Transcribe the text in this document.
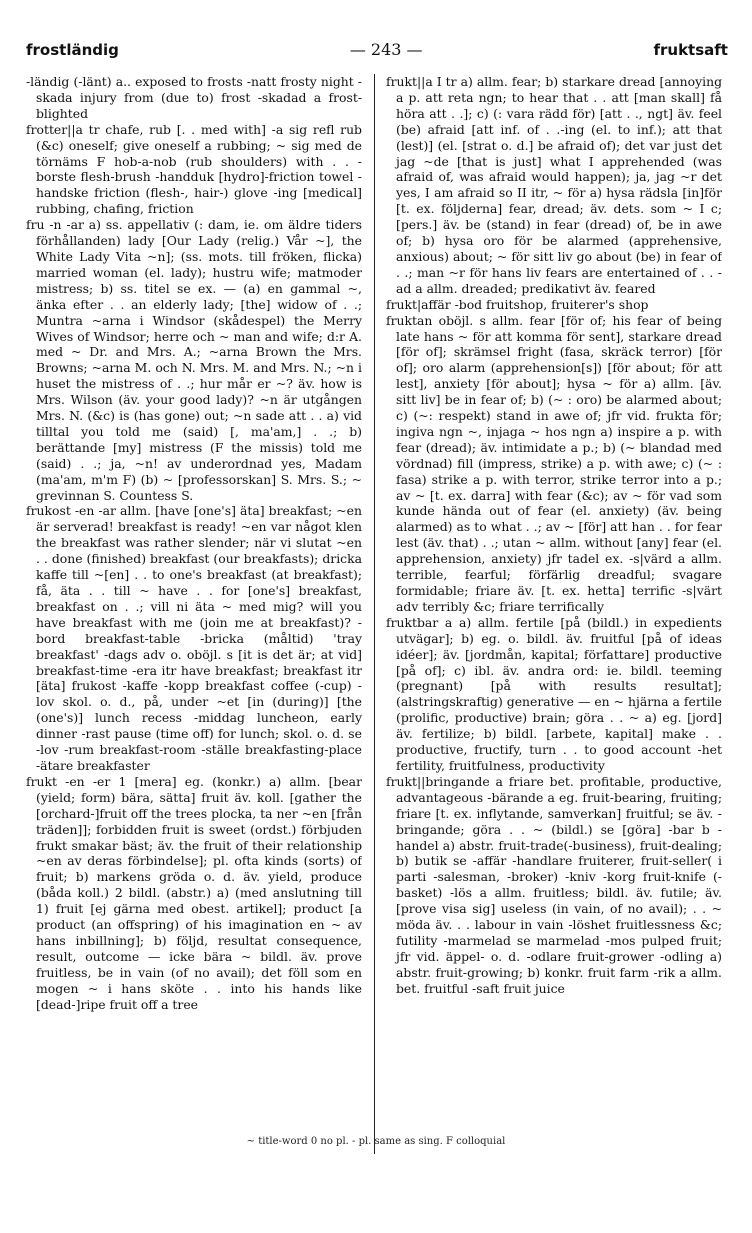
frostländig	— 243 —	fruktsaft

-ländig (-länt) a.. exposed to frosts -natt frosty night -skada injury from (due to) frost -skadad a frost-blighted

frotter||a tr chafe, rub [. . med with] -a sig refl rub (&c) oneself; give oneself a rubbing; ~ sig med de törnäms F hob-a-nob (rub shoulders) with . . -borste flesh-brush -handduk [hydro]-friction towel -handske friction (flesh-, hair-) glove -ing [medical] rubbing, chafing, friction

fru -n -ar a) ss. appellativ (: dam, ie. om äldre tiders förhållanden) lady [Our Lady (relig.) Vår ~], the White Lady Vita ~n]; (ss. mots. till fröken, flicka) married woman (el. lady); hustru wife; matmoder mistress; b) ss. titel se ex. — (a) en gammal ~, änka efter . . an elderly lady; [the] widow of . .; Muntra ~arna i Windsor (skådespel) the Merry Wives of Windsor; herre och ~ man and wife; d:r A. med ~ Dr. and Mrs. A.; ~arna Brown the Mrs. Browns; ~arna M. och N. Mrs. M. and Mrs. N.; ~n i huset the mistress of . .; hur mår er ~? äv. how is Mrs. Wilson (äv. your good lady)? ~n är utgången Mrs. N. (&c) is (has gone) out; ~n sade att . . a) vid tilltal you told me (said) [, ma'am,] . .; b) berättande [my] mistress (F the missis) told me (said) . .; ja, ~n! av underordnad yes, Madam (ma'am, m'm F) (b) ~ [professorskan] S. Mrs. S.; ~ grevinnan S. Countess S.

frukost -en -ar allm. [have [one's] äta] breakfast; ~en är serverad! breakfast is ready! ~en var något klen the breakfast was rather slender; när vi slutat ~en . . done (finished) breakfast (our breakfasts); dricka kaffe till ~[en] . . to one's breakfast (at breakfast); få, äta . . till ~ have . . for [one's] breakfast, breakfast on . .; vill ni äta ~ med mig? will you have breakfast with me (join me at breakfast)? -bord breakfast-table -bricka (måltid) 'tray breakfast' -dags adv o. oböjl. s [it is det är; at vid] breakfast-time -era itr have breakfast; breakfast itr [äta] frukost -kaffe -kopp breakfast coffee (-cup) -lov skol. o. d., på, under ~et [in (during)] [the (one's)] lunch recess -middag luncheon, early dinner -rast pause (time off) for lunch; skol. o. d. se -lov -rum breakfast-room -ställe breakfasting-place -ätare breakfaster

frukt -en -er 1 [mera] eg. (konkr.) a) allm. [bear (yield; form) bära, sätta] fruit äv. koll. [gather the [orchard-]fruit off the trees plocka, ta ner ~en [från träden]]; forbidden fruit is sweet (ordst.) förbjuden frukt smakar bäst; äv. the fruit of their relationship ~en av deras förbindelse]; pl. ofta kinds (sorts) of fruit; b) markens gröda o. d. äv. yield, produce (båda koll.) 2 bildl. (abstr.) a) (med anslutning till 1) fruit [ej gärna med obest. artikel]; product [a product (an offspring) of his imagination en ~ av hans inbillning]; b) följd, resultat consequence, result, outcome — icke bära ~ bildl. äv. prove fruitless, be in vain (of no avail); det föll som en mogen ~ i hans sköte . . into his hands like [dead-]ripe fruit off a tree

frukt||a I tr a) allm. fear; b) starkare dread [annoying a p. att reta ngn; to hear that . . att [man skall] få höra att . .]; c) (: vara rädd för) [att . ., ngt] äv. feel (be) afraid [att inf. of . .-ing (el. to inf.); att that (lest)] (el. [strat o. d.] be afraid of); det var just det jag ~de [that is just] what I apprehended (was afraid of, was afraid would happen); ja, jag ~r det yes, I am afraid so II itr, ~ för a) hysa rädsla [in]för [t. ex. följderna] fear, dread; äv. dets. som ~ I c; [pers.] äv. be (stand) in fear (dread) of, be in awe of; b) hysa oro för be alarmed (apprehensive, anxious) about; ~ för sitt liv go about (be) in fear of . .; man ~r för hans liv fears are entertained of . . -ad a allm. dreaded; predikativt äv. feared

frukt|affär -bod fruitshop, fruiterer's shop

fruktan oböjl. s allm. fear [för of; his fear of being late hans ~ för att komma för sent], starkare dread [för of]; skrämsel fright (fasa, skräck terror) [för of]; oro alarm (apprehension[s]) [för about; för att lest], anxiety [för about]; hysa ~ för a) allm. [äv. sitt liv] be in fear of; b) (~ : oro) be alarmed about; c) (~: respekt) stand in awe of; jfr vid. frukta för; ingiva ngn ~, injaga ~ hos ngn a) inspire a p. with fear (dread); äv. intimidate a p.; b) (~ blandad med vördnad) fill (impress, strike) a p. with awe; c) (~ : fasa) strike a p. with terror, strike terror into a p.; av ~ [t. ex. darra] with fear (&c); av ~ för vad som kunde hända out of fear (el. anxiety) (äv. being alarmed) as to what . .; av ~ [för] att han . . for fear lest (äv. that) . .; utan ~ allm. without [any] fear (el. apprehension, anxiety) jfr tadel ex. -s|värd a allm. terrible, fearful; förfärlig dreadful; svagare formidable; friare äv. [t. ex. hetta] terrific -s|värt adv terribly &c; friare terrifically

fruktbar a a) allm. fertile [på (bildl.) in expedients utvägar]; b) eg. o. bildl. äv. fruitful [på of ideas idéer]; äv. [jordmån, kapital; författare] productive [på of]; c) ibl. äv. andra ord: ie. bildl. teeming (pregnant) [på with results resultat]; (alstringskraftig) generative — en ~ hjärna a fertile (prolific, productive) brain; göra . . ~ a) eg. [jord] äv. fertilize; b) bildl. [arbete, kapital] make . . productive, fructify, turn . . to good account -het fertility, fruitfulness, productivity

frukt||bringande a friare bet. profitable, productive, advantageous -bärande a eg. fruit-bearing, fruiting; friare [t. ex. inflytande, samverkan] fruitful; se äv. -bringande; göra . . ~ (bildl.) se [göra] -bar b -handel a) abstr. fruit-trade(-business), fruit-dealing; b) butik se -affär -handlare fruiterer, fruit-seller( i parti -salesman, -broker) -kniv -korg fruit-knife (-basket) -lös a allm. fruitless; bildl. äv. futile; äv. [prove visa sig] useless (in vain, of no avail); . . ~ möda äv. . . labour in vain -löshet fruitlessness &c; futility -marmelad se marmelad -mos pulped fruit; jfr vid. äppel- o. d. -odlare fruit-grower -odling a) abstr. fruit-growing; b) konkr. fruit farm -rik a allm. bet. fruitful -saft fruit juice

~ title-word 0 no pl. - pl. same as sing. F colloquial
